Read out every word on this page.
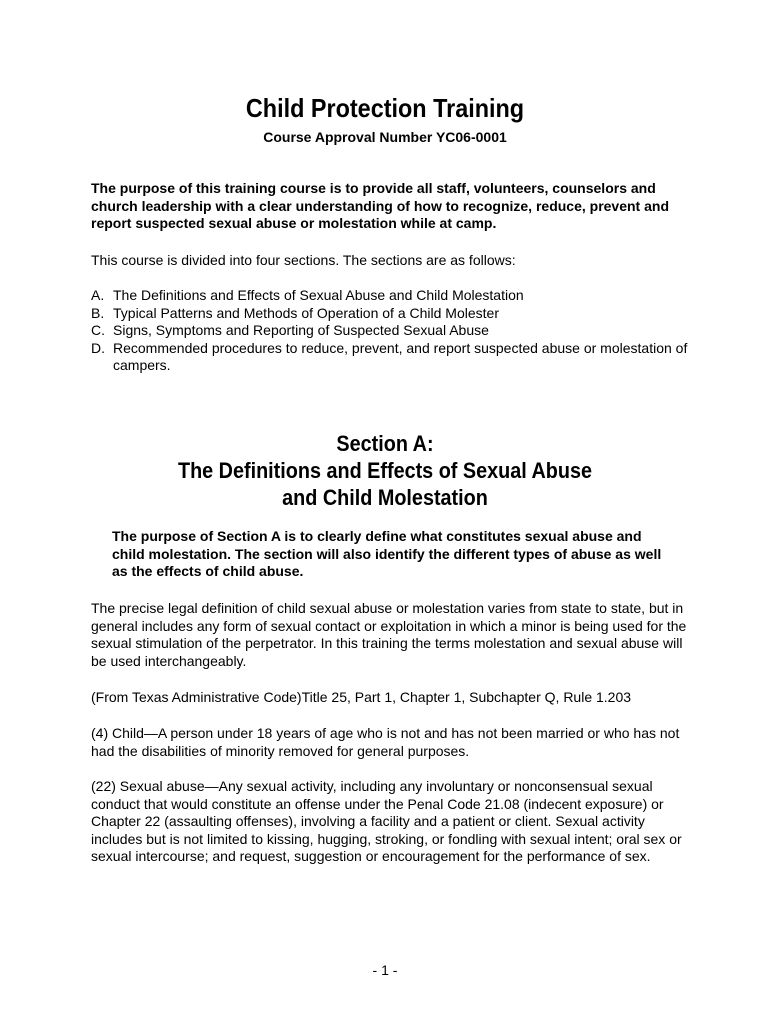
Child Protection Training
Course Approval Number YC06-0001

The purpose of this training course is to provide all staff, volunteers, counselors and church leadership with a clear understanding of how to recognize, reduce, prevent and report suspected sexual abuse or molestation while at camp.

This course is divided into four sections. The sections are as follows:

A. The Definitions and Effects of Sexual Abuse and Child Molestation
B. Typical Patterns and Methods of Operation of a Child Molester
C. Signs, Symptoms and Reporting of Suspected Sexual Abuse
D. Recommended procedures to reduce, prevent, and report suspected abuse or molestation of campers.
Section A:
The Definitions and Effects of Sexual Abuse
and Child Molestation

The purpose of Section A is to clearly define what constitutes sexual abuse and child molestation. The section will also identify the different types of abuse as well as the effects of child abuse.

The precise legal definition of child sexual abuse or molestation varies from state to state, but in general includes any form of sexual contact or exploitation in which a minor is being used for the sexual stimulation of the perpetrator. In this training the terms molestation and sexual abuse will be used interchangeably.

(From Texas Administrative Code)Title 25, Part 1, Chapter 1, Subchapter Q, Rule 1.203

(4) Child—A person under 18 years of age who is not and has not been married or who has not had the disabilities of minority removed for general purposes.

(22) Sexual abuse—Any sexual activity, including any involuntary or nonconsensual sexual conduct that would constitute an offense under the Penal Code 21.08 (indecent exposure) or Chapter 22 (assaulting offenses), involving a facility and a patient or client. Sexual activity includes but is not limited to kissing, hugging, stroking, or fondling with sexual intent; oral sex or sexual intercourse; and request, suggestion or encouragement for the performance of sex.

- 1 -
